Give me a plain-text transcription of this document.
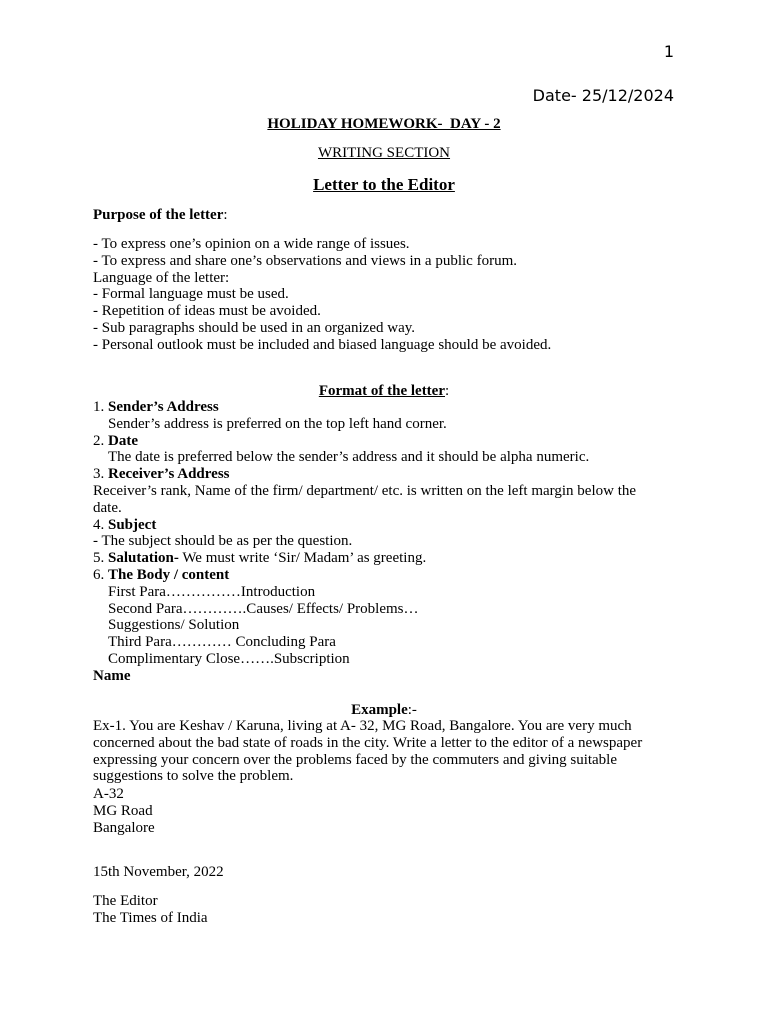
1
Date- 25/12/2024
HOLIDAY HOMEWORK-  DAY - 2
WRITING SECTION
Letter to the Editor
Purpose of the letter:
- To express one’s opinion on a wide range of issues.
- To express and share one’s observations and views in a public forum.
Language of the letter:
- Formal language must be used.
- Repetition of ideas must be avoided.
- Sub paragraphs should be used in an organized way.
- Personal outlook must be included and biased language should be avoided.
Format of the letter:
1. Sender’s Address
Sender’s address is preferred on the top left hand corner.
2. Date
The date is preferred below the sender’s address and it should be alpha numeric.
3. Receiver’s Address
Receiver’s rank, Name of the firm/ department/ etc. is written on the left margin below the date.
4. Subject
- The subject should be as per the question.
5. Salutation- We must write ‘Sir/ Madam’ as greeting.
6. The Body / content
First Para……………Introduction
Second Para………….Causes/ Effects/ Problems…
Suggestions/ Solution
Third Para………… Concluding Para
Complimentary Close…….Subscription
Name
Example:-
Ex-1. You are Keshav / Karuna, living at A- 32, MG Road, Bangalore. You are very much concerned about the bad state of roads in the city. Write a letter to the editor of a newspaper expressing your concern over the problems faced by the commuters and giving suitable suggestions to solve the problem.
A-32
MG Road
Bangalore
15th November, 2022
The Editor
The Times of India
